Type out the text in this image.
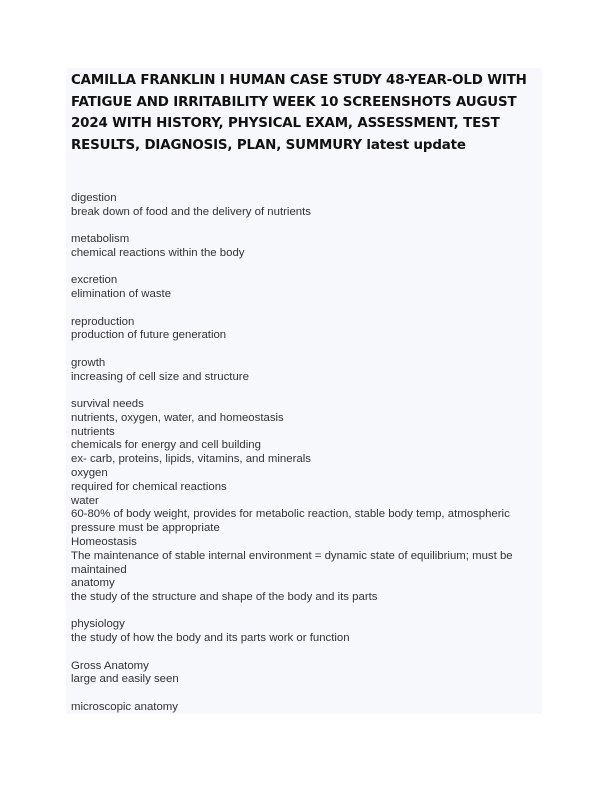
CAMILLA FRANKLIN I HUMAN CASE STUDY 48-YEAR-OLD WITH FATIGUE AND IRRITABILITY WEEK 10 SCREENSHOTS AUGUST 2024 WITH HISTORY, PHYSICAL EXAM, ASSESSMENT, TEST RESULTS, DIAGNOSIS, PLAN, SUMMURY latest update
digestion
break down of food and the delivery of nutrients
metabolism
chemical reactions within the body
excretion
elimination of waste
reproduction
production of future generation
growth
increasing of cell size and structure
survival needs
nutrients, oxygen, water, and homeostasis
nutrients
chemicals for energy and cell building
ex- carb, proteins, lipids, vitamins, and minerals
oxygen
required for chemical reactions
water
60-80% of body weight, provides for metabolic reaction, stable body temp, atmospheric pressure must be appropriate
Homeostasis
The maintenance of stable internal environment = dynamic state of equilibrium; must be maintained
anatomy
the study of the structure and shape of the body and its parts
physiology
the study of how the body and its parts work or function
Gross Anatomy
large and easily seen
microscopic anatomy
